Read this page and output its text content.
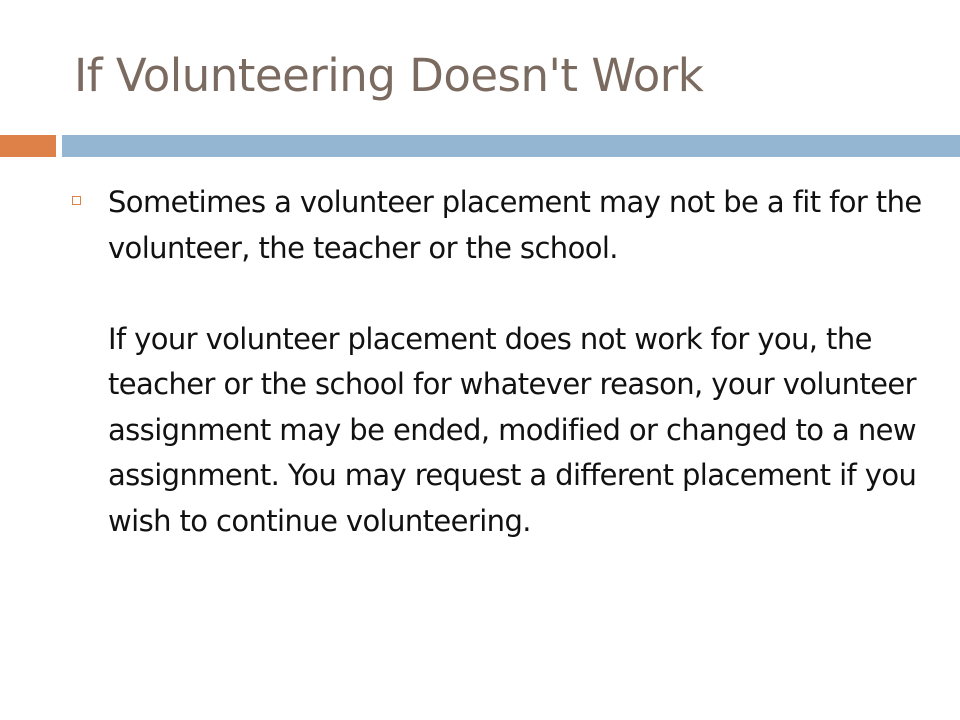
If Volunteering Doesn't Work

Sometimes a volunteer placement may not be a fit for the volunteer, the teacher or the school.

If your volunteer placement does not work for you, the teacher or the school for whatever reason, your volunteer assignment may be ended, modified or changed to a new assignment. You may request a different placement if you wish to continue volunteering.
